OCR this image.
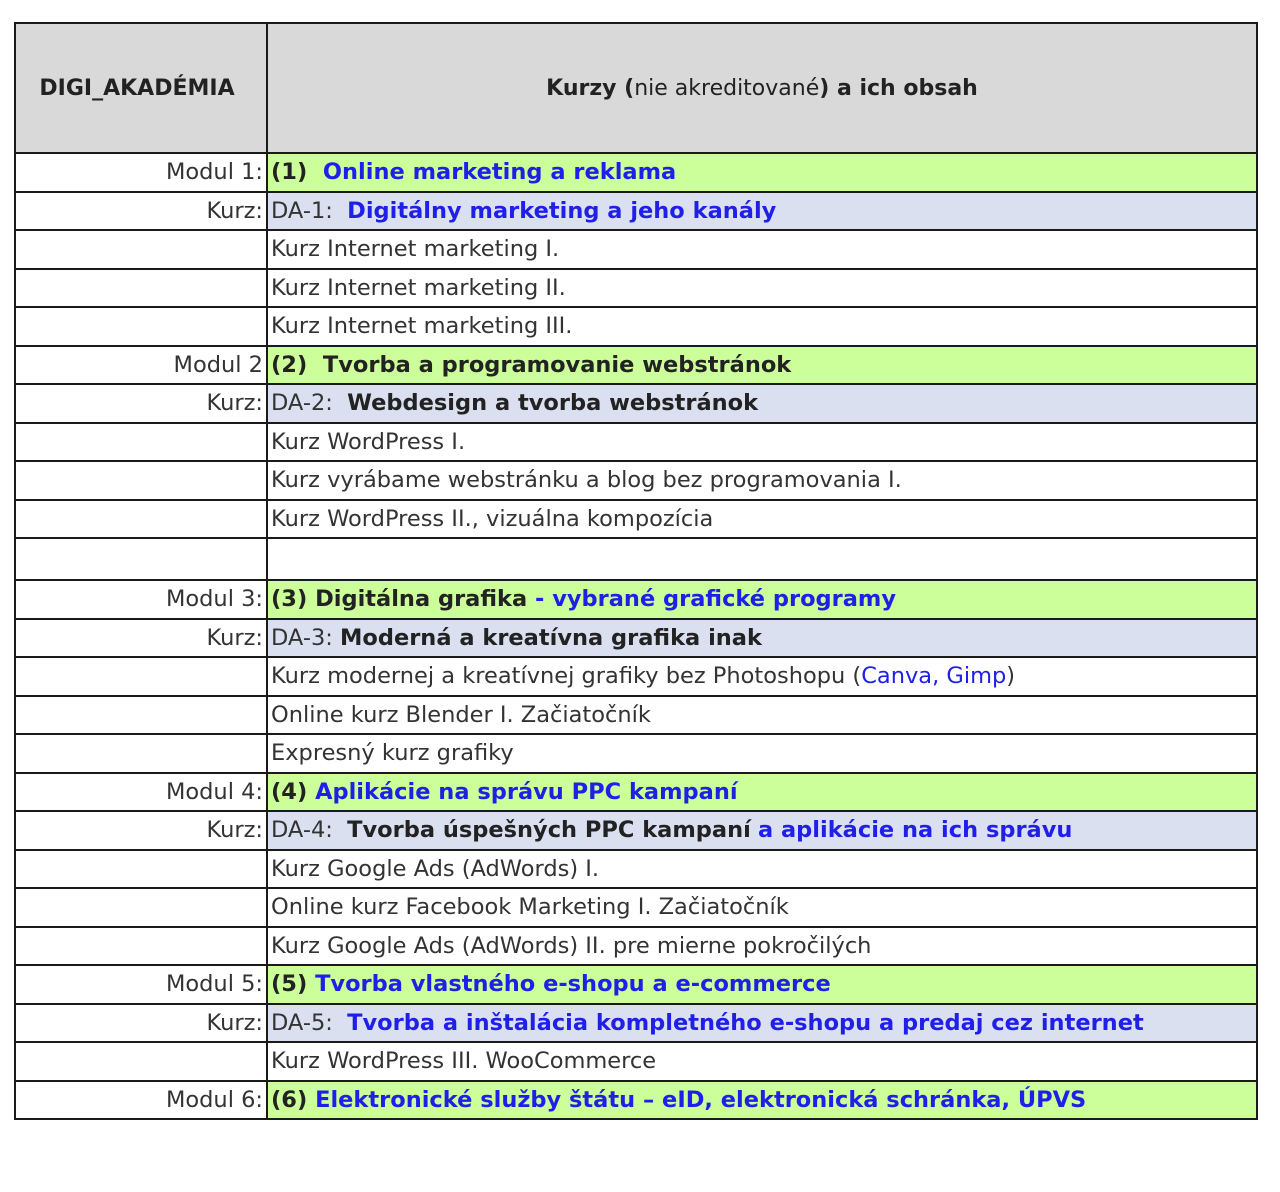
DIGI_AKADÉMIA	Kurzy (nie akreditované) a ich obsah
Modul 1:	(1) Online marketing a reklama
Kurz:	DA-1: Digitálny marketing a jeho kanály
	Kurz Internet marketing I.
	Kurz Internet marketing II.
	Kurz Internet marketing III.
Modul 2	(2) Tvorba a programovanie webstránok
Kurz:	DA-2: Webdesign a tvorba webstránok
	Kurz WordPress I.
	Kurz vyrábame webstránku a blog bez programovania I.
	Kurz WordPress II., vizuálna kompozícia

Modul 3:	(3) Digitálna grafika - vybrané grafické programy
Kurz:	DA-3: Moderná a kreatívna grafika inak
	Kurz modernej a kreatívnej grafiky bez Photoshopu (Canva, Gimp)
	Online kurz Blender I. Začiatočník
	Expresný kurz grafiky
Modul 4:	(4) Aplikácie na správu PPC kampaní
Kurz:	DA-4: Tvorba úspešných PPC kampaní a aplikácie na ich správu
	Kurz Google Ads (AdWords) I.
	Online kurz Facebook Marketing I. Začiatočník
	Kurz Google Ads (AdWords) II. pre mierne pokročilých
Modul 5:	(5) Tvorba vlastného e-shopu a e-commerce
Kurz:	DA-5: Tvorba a inštalácia kompletného e-shopu a predaj cez internet
	Kurz WordPress III. WooCommerce
Modul 6:	(6) Elektronické služby štátu – eID, elektronická schránka, ÚPVS
